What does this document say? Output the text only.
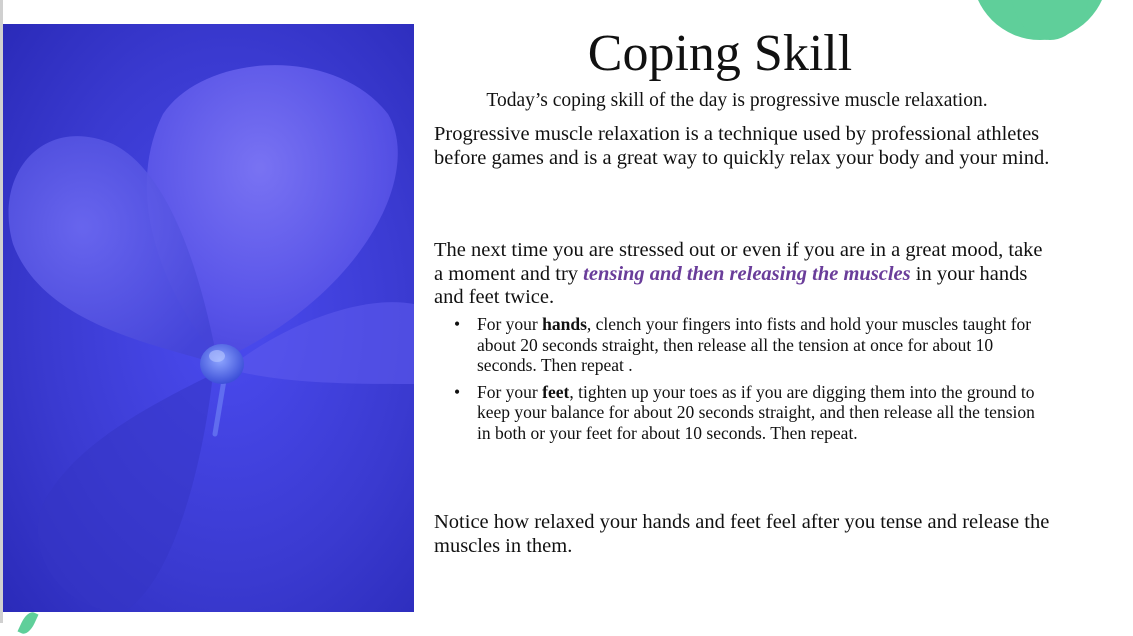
Coping Skill

Today’s coping skill of the day is progressive muscle relaxation.

Progressive muscle relaxation is a technique used by professional athletes before games and is a great way to quickly relax your body and your mind.

The next time you are stressed out or even if you are in a great mood, take a moment and try tensing and then releasing the muscles in your hands and feet twice.

• For your hands, clench your fingers into fists and hold your muscles taught for about 20 seconds straight, then release all the tension at once for about 10 seconds. Then repeat .
• For your feet, tighten up your toes as if you are digging them into the ground to keep your balance for about 20 seconds straight, and then release all the tension in both or your feet for about 10 seconds. Then repeat.

Notice how relaxed your hands and feet feel after you tense and release the muscles in them.
